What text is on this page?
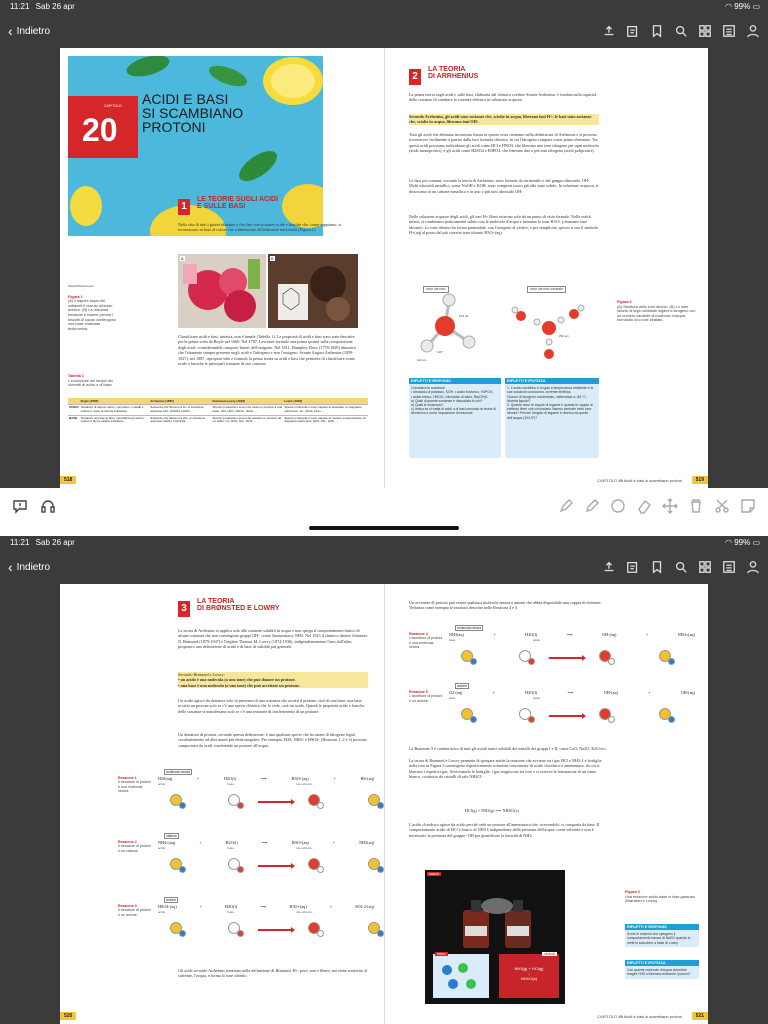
11:21 Sab 26 apr	◠ 99% ▭
‹ Indietro
CAPITOLO
20
ACIDI E BASI
SI SCAMBIANO
PROTONI
1 LE TEORIE SUGLI ACIDI
E SULLE BASI

Nella vita di tutti i giorni abbiamo a che fare con sostanze acide e basiche che, come sappiamo, si riconoscono in base al colore che conferiscono all'indicatore universale (Figura 1).

iStock/Shutterstock
Figura 1
(A) Il sapore aspro dei sottaceti è dovuto all'acido acetico. (B) La rinsunda fondante è essere perché i biscotti di cacao contengono una base chiamata teobromina.
A	B

Classificare acidi e basi, tuttavia, non è banale (Tabella 1). Le proprietà di acidi e basi sono state descritte per la prima volta da Boyle nel 1660. Nel 1787, Lavoisier formulò una prima ipotesi sulla composizione degli acidi, considerandoli composti binari dell'ossigeno. Nel 1811, Humphry Davy (1778-1829) dimostrò che l'elemento sempre presente negli acidi è l'idrogeno e non l'ossigeno. Svante August Arrhenius (1859-1927), nel 1887, ripropose idee e formulò la prima teoria su acidi e basi che permette di classificare come acide o basiche le principali sostanze di uso comune.

Tabella 1
L'evoluzione nel tempo dei concetti di acido e di base
	Boyle (1660)	Arrhenius (1887)	Brønsted-Lowry (1923)	Lewis (1923)
ACIDO	Sostanze di sapore aspro, corrodono i metalli e colora in rosso la cartina indicatore.	Sostanza che libera ioni H+ in soluzione acquosa: HCl, H2SO4, HNO3, ...	Specie (molecola o ione) che cede un protone a una base: HCl, H2O, HSO4-, NH4+ ...	Specie (molecola o ione) capace di accettare un doppietto elettronico: H+, AlCl3, Fe3+ ...
BASE	Sostanze untuose al tatto, neutralizza gli acidi e colora in blu la cartina indicatore.	Sostanza che libera ioni OH- in soluzione acquosa: NaOH, Ca(OH)2, ...	Specie (molecola o ione) che accetta un protone da un acido: Cl-, H2O, OH-, NH3, ...	Specie (molecola o ione) capace di mettere a disposizione un doppietto elettronico: NH3, OH-, H2O, ...
518
2 LA TEORIA
DI ARRHENIUS

La prima teoria sugli acidi e sulle basi, elaborata dal chimico svedese Svante Arrhenius, è fondata sulla capacità delle sostanze di condurre la corrente elettrica in soluzione acquosa.

Secondo Arrhenius, gli acidi sono sostanze che, sciolte in acqua, liberano ioni H+; le basi sono sostanze che, sciolte in acqua, liberano ioni OH-.

Tutti gli acidi che abbiamo incontrato finora in questo testo rientrano nella definizione di Arrhenius e si possono riconoscere facilmente a partire dalla loro formula chimica, in cui l'idrogeno compare come primo elemento. Tra questi acidi possiamo individuare gli acidi come HCl e HNO3, che liberano uno ione idrogeno per ogni molecola (acidi monoprotici), e gli acidi come H2SO4 e H3PO4, che liberano due o più ioni idrogeno (acidi poliprotici).

Le basi più comuni, secondo la teoria di Arrhenius, sono formate da un metallo e dal gruppo idrossido, OH-. Molti idrossidi metallici, come NaOH e KOH, sono composti ionici già allo stato solido. In soluzione acquosa, si dissociano in un catione metallico e in uno o più ioni idrossido OH-.

Nelle soluzioni acquose degli acidi, gli ioni H+ liberi esistono solo da un punto di vista formale. Nella realtà, infatti, si combinano praticamente subito con le molecole d'acqua e formano lo ione H3O+ (chiamato ione idronio). Lo ione idronio ha forma piramidale, con l'ossigeno al vertice, e per semplicità, spesso si usa il simbolo H+(aq) al posto dal più corretto ione idronio H3O+(aq).

ione idronio	ione idronio idratato
102 pm
111 pm
252 pm
110°
Figura 2
(A) Struttura dello ione idronio. (B) Lo ione idronio si lega mediante legami a idrogeno con un numero variabile di molecole d'acqua, formando uno ione idratato.
RIFLETTI E RISPONDI
Considera le sostanze:
• idrossido di potassio, KOH; • acido fosforico, H3PO4;
• acido nitrico, HNO3; • idrossido di bario, Ba(OH)2.
a) Quali di queste sostanze è dissociata in ioni?
b) Quali si ionizzano?
c) Indica se si tratta di acidi o di basi secondo la teoria di Arrhenius e scrivi l'equazione di reazione.
RIFLETTI E IPOTIZZA
1. L'acido cloridrico è un gas a temperatura ambiente e le sue soluzioni conducono corrente elettrica.
Cloruro di idrogeno condensato, raffreddato a -85 °C, diventa liquido?
2. Quante sono le coppie di legame e quante le coppie di elettroni liberi che circondano l'atomo centrale nello ione idronio? Perché l'angolo di legame è diverso da quello dell'acqua (104,5°)?
CAPITOLO 20 Acidi e basi si scambiano protoni	519
11:21 Sab 26 apr	◠ 99% ▭
‹ Indietro
3 LA TEORIA
DI BRØNSTED E LOWRY

La teoria di Arrhenius si applica solo alle sostanze solubili in acqua e non spiega il comportamento basico di alcune sostanze che non contengono gruppi OH-, come l'ammoniaca, NH3. Nel 1923 il chimico danese Johannes N. Brønsted (1879-1947) e l'inglese Thomas M. Lowry (1874-1936), indipendentemente l'uno dall'altro, proposero una definizione di acido e di base di validità più generale.

Secondo Brønsted e Lowry:
• un acido è una molecola (o uno ione) che può donare un protone.
• una base è una molecola (o uno ione) che può accettare un protone.

Un acido agisce da donatore solo in presenza di una sostanza che accetti il protone, cioè di una base; una base accetta un protone solo se c'è una specie chimica che lo cede, cioè un acido. Quindi le proprietà acide e basiche delle sostanze si manifestano solo se c'è una reazione di trasferimento di un protone.

Un donatore di protoni, secondo questa definizione: è una qualsiasi specie che ha atomi di idrogeno legati covalentemente ad altri atomi più elettronegativi. Per esempio, H2S, NH4+ e HSO4- (Reazioni 1, 2 e 3) possono comportarsi da acidi, trasferendo un protone all'acqua.

Reazione 1
Il donatore di protoni è una molecola neutra.
molecola neutra
H2S(aq)	+	H2O(l)	⟶	H3O+(aq)	+	HS-(aq)
acido	base	ione idronio
Reazione 2
Il donatore di protoni è un catione.
catione
NH4+(aq)	+	H2O(l)	⟶	H3O+(aq)	+	NH3(aq)
acido	base	ione idronio
Reazione 3
Il donatore di protoni è un anione.
anione
HSO4-(aq)	+	H2O(l)	⟶	H3O+(aq)	+	SO4 2-(aq)
acido	base	ione idronio

Gli acidi secondo Arrhenius rientrano nella definizione di Brønsted, H+, però, non è libero, ma viene trasferito al solvente, l'acqua, e forma lo ione idronio.

520

Un accettore di protoni può essere qualsiasi molecola neutra o anione che abbia disponibile una coppia di elettroni. Vediamo come esempio le reazioni descritte nelle Reazioni 4 e 5.

Reazione 4
L'accettore di protoni è una molecola neutra.
molecola neutra
NH3(aq)	+	H2O(l)	⟶	OH-(aq)	+	NH4+(aq)
base	acido
Reazione 5
L'accettore di protoni è un anione.
anione
O2-(aq)	+	H2O(l)	⟶	OH-(aq)	+	OH-(aq)
base	acido

La Reazione 5 è caratteristica di tutti gli ossidi ionici solubili dei metalli dei gruppi I e II, come CaO, Na2O, K2O ecc.

La teoria di Brønsted e Lowry permette di spiegare anche la reazione che avviene tra i gas HCl e NH3. Le bottiglie nella foto in Figura 3 contengono rispettivamente soluzioni concentrate di acido cloridrico e ammoniaca, da cui si liberano i rispettivi gas. Avvicinando le bottiglie, i gas reagiscono tra loro e si osserva la formazione di un fumo bianco, costituito da cristalli di sale NH4Cl:

HCl(g) + NH3(g) ⟶ NH4Cl(s)

L'acido cloridrico agisce da acido perché cede un protone all'ammoniaca che, ricevendolo, si comporta da base. Il comportamento acido di HCl e basico di NH3 è indipendente dalla presenza dell'acqua: come solvente e non è necessario la presenza del gruppo -OH per giustificare la basicità di NH3.

macro
micro	simboli
NH3(g) + HCl(g)
↓
NH4Cl(s)
Figura 3
Una reazione acido-base in fase gassosa (Brønsted e Lowry).
RIFLETTI E RISPONDI
Scrivi le reazioni che spiegano il comportamento basico di Na2O quando lo metti in soluzione a base di Lowry.
RIFLETTI E IPOTIZZA
Con quante molecole d'acqua dovrebbe reagire H3S si liberano entrambi i protoni?
CAPITOLO 20 Acidi e basi si scambiano protoni	521
